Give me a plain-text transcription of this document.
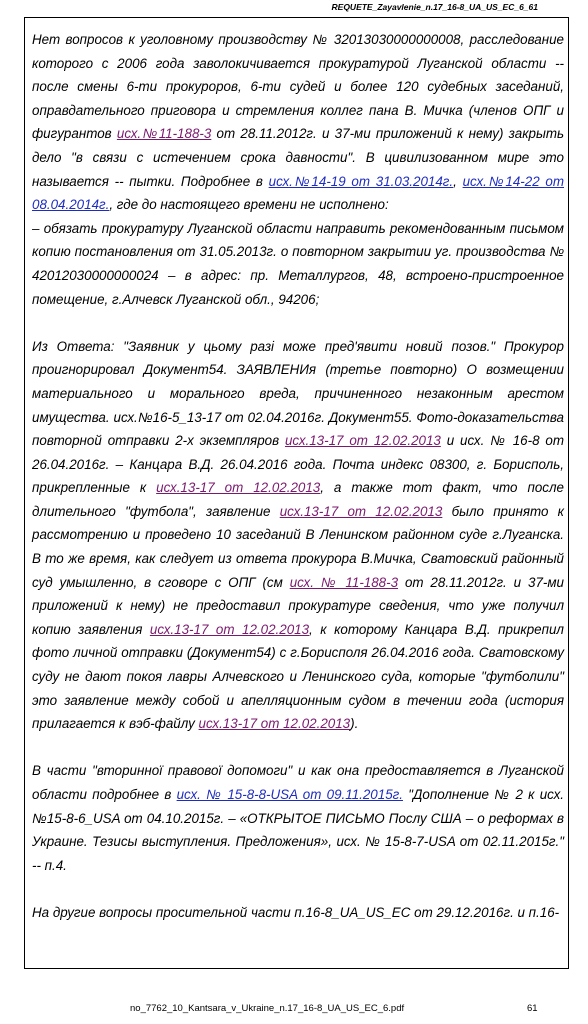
REQUETE_Zayavlenie_n.17_16-8_UA_US_EC_6_61

Нет вопросов к уголовному производству № 32013030000000008, расследование которого с 2006 года заволокичивается прокуратурой Луганской области -- после смены 6-ти прокуроров, 6-ти судей и более 120 судебных заседаний, оправдательного приговора и стремления коллег пана В. Мичка (членов ОПГ и фигурантов исх.№11-188-3 от 28.11.2012г. и 37-ми приложений к нему) закрыть дело "в связи с истечением срока давности". В цивилизованном мире это называется -- пытки. Подробнее в исх.№14-19 от 31.03.2014г., исх.№14-22 от 08.04.2014г., где до настоящего времени не исполнено:

– обязать прокуратуру Луганской области направить рекомендованным письмом копию постановления от 31.05.2013г. о повторном закрытии уг. производства № 42012030000000024 – в адрес: пр. Металлургов, 48, встроено-пристроенное помещение, г.Алчевск Луганской обл., 94206;

Из Ответа: "Заявник у цьому разі може пред'явити новий позов." Прокурор проигнорировал Документ54. ЗАЯВЛЕНИя (третье повторно) О возмещении материального и морального вреда, причиненного незаконным арестом имущества. исх.№16-5_13-17 от 02.04.2016г. Документ55. Фото-доказательства повторной отправки 2-х экземпляров исх.13-17 от 12.02.2013 и исх. № 16-8 от 26.04.2016г. – Канцара В.Д. 26.04.2016 года. Почта индекс 08300, г. Борисполь, прикрепленные к исх.13-17 от 12.02.2013, а также тот факт, что после длительного "футбола", заявление исх.13-17 от 12.02.2013 было принято к рассмотрению и проведено 10 заседаний В Ленинском районном суде г.Луганска. В то же время, как следует из ответа прокурора В.Мичка, Сватовский районный суд умышленно, в сговоре с ОПГ (см исх. № 11-188-3 от 28.11.2012г. и 37-ми приложений к нему) не предоставил прокуратуре сведения, что уже получил копию заявления исх.13-17 от 12.02.2013, к которому Канцара В.Д. прикрепил фото личной отправки (Документ54) с г.Борисполя 26.04.2016 года. Сватовскому суду не дают покоя лавры Алчевского и Ленинского суда, которые "футболили" это заявление между собой и апелляционным судом в течении года (история прилагается к вэб-файлу исх.13-17 от 12.02.2013).

В части "вторинної правової допомоги" и как она предоставляется в Луганской области подробнее в исх. № 15-8-8-USA от 09.11.2015г. "Дополнение № 2 к исх. №15-8-6_USA от 04.10.2015г. – «ОТКРЫТОЕ ПИСЬМО Послу США – о реформах в Украине. Тезисы выступления. Предложения», исх. № 15-8-7-USA от 02.11.2015г." -- п.4.

На другие вопросы просительной части п.16-8_UA_US_EC от 29.12.2016г. и п.16-

no_7762_10_Kantsara_v_Ukraine_n.17_16-8_UA_US_EC_6.pdf	61
